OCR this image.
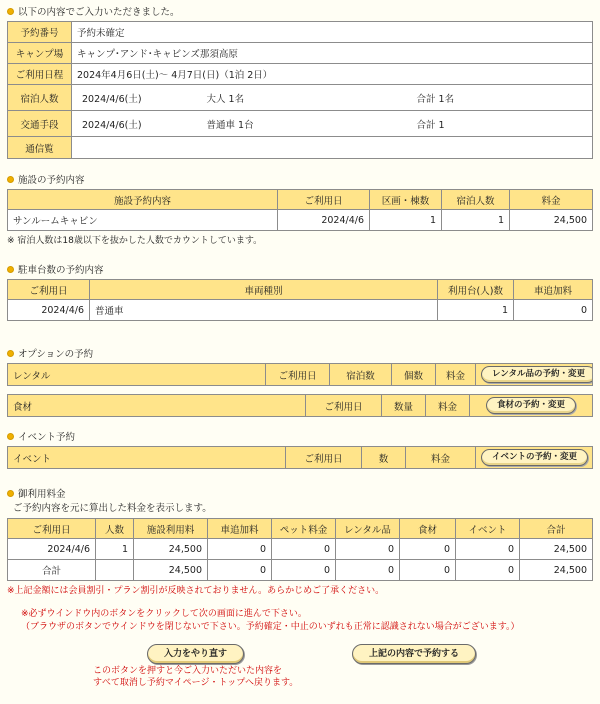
以下の内容でご入力いただきました。
予約番号	予約未確定		
キャンプ場	キャンプ･アンド･キャビンズ那須高原		
ご利用日程	2024年4月6日(土)～ 4月7日(日)（1泊 2日）		
宿泊人数	2024/4/6(土)	大人 1名	合計 1名
交通手段	2024/4/6(土)	普通車 1台	合計 1
通信覧			
施設の予約内容
施設予約内容	ご利用日	区画・棟数	宿泊人数	料金
サンルームキャビン	2024/4/6	1	1	24,500
※ 宿泊人数は18歳以下を抜かした人数でカウントしています。
駐車台数の予約内容
ご利用日	車両種別	利用台(人)数	車追加料
2024/4/6	普通車	1	0
オプションの予約
レンタル	ご利用日	宿泊数	個数	料金	レンタル品の予約・変更
食材	ご利用日	数量	料金	食材の予約・変更
イベント予約
イベント	ご利用日	数	料金	イベントの予約・変更
御利用料金
ご予約内容を元に算出した料金を表示します。
ご利用日	人数	施設利用料	車追加料	ペット料金	レンタル品	食材	イベント	合計
2024/4/6	1	24,500	0	0	0	0	0	24,500
合計		24,500	0	0	0	0	0	24,500
※上記金額には会員割引・プラン割引が反映されておりません。あらかじめご了承ください。
※必ずウインドウ内のボタンをクリックして次の画面に進んで下さい。
（ブラウザのボタンでウインドウを閉じないで下さい。予約確定・中止のいずれも正常に認識されない場合がございます。）
入力をやり直す	上記の内容で予約する
このボタンを押すと今ご入力いただいた内容を
すべて取消し予約マイページ・トップへ戻ります。
